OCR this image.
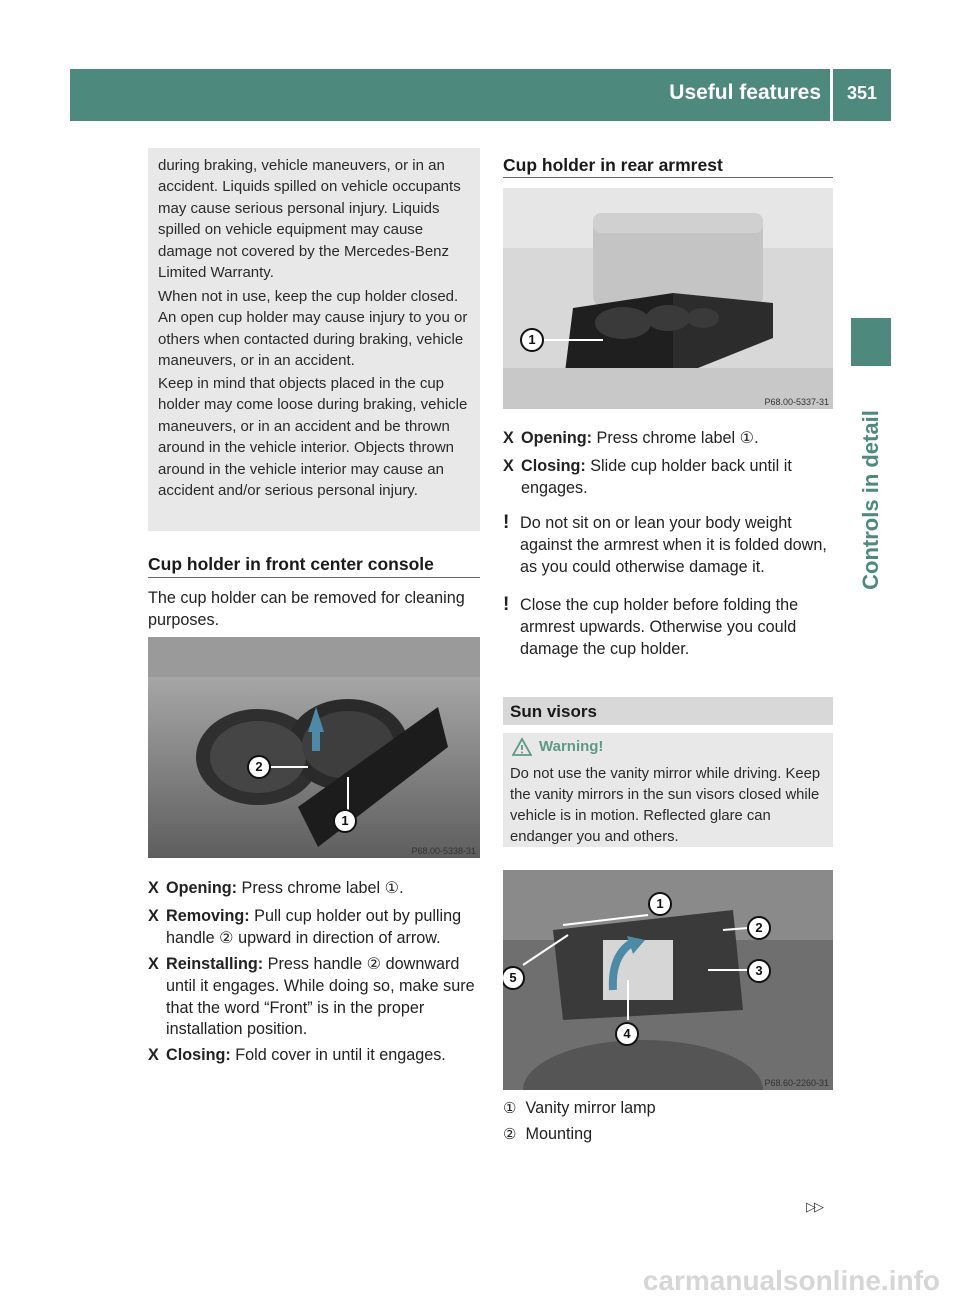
Useful features	351
Controls in detail

during braking, vehicle maneuvers, or in an accident. Liquids spilled on vehicle occupants may cause serious personal injury. Liquids spilled on vehicle equipment may cause damage not covered by the Mercedes-Benz Limited Warranty.

When not in use, keep the cup holder closed. An open cup holder may cause injury to you or others when contacted during braking, vehicle maneuvers, or in an accident.

Keep in mind that objects placed in the cup holder may come loose during braking, vehicle maneuvers, or in an accident and be thrown around in the vehicle interior. Objects thrown around in the vehicle interior may cause an accident and/or serious personal injury.

Cup holder in front center console

The cup holder can be removed for cleaning purposes.

2
1
P68.00-5338-31
X Opening: Press chrome label ①.
X Removing: Pull cup holder out by pulling handle ② upward in direction of arrow.
X Reinstalling: Press handle ② downward until it engages. While doing so, make sure that the word “Front” is in the proper installation position.
X Closing: Fold cover in until it engages.
Cup holder in rear armrest
1
P68.00-5337-31
X Opening: Press chrome label ①.
X Closing: Slide cup holder back until it engages.
! Do not sit on or lean your body weight against the armrest when it is folded down, as you could otherwise damage it.
! Close the cup holder before folding the armrest upwards. Otherwise you could damage the cup holder.
Sun visors
Warning!
Do not use the vanity mirror while driving. Keep the vanity mirrors in the sun visors closed while vehicle is in motion. Reflected glare can endanger you and others.
1
2
3
4
5
P68.60-2260-31
① Vanity mirror lamp
② Mounting
▷▷
carmanualsonline.info
